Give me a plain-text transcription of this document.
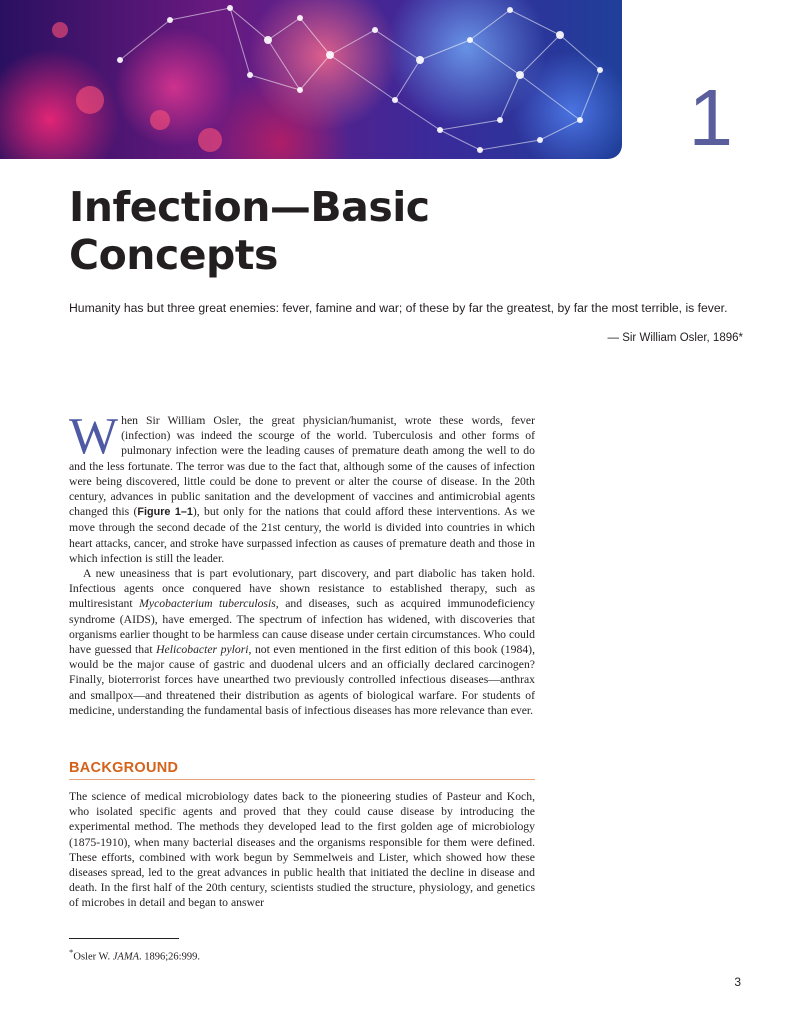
1
Infection—Basic
Concepts

Humanity has but three great enemies: fever, famine and war; of these by far the greatest, by far the most terrible, is fever.

— Sir William Osler, 1896*

When Sir William Osler, the great physician/humanist, wrote these words, fever (infection) was indeed the scourge of the world. Tuberculosis and other forms of pulmonary infection were the leading causes of premature death among the well to do and the less fortunate. The terror was due to the fact that, although some of the causes of infection were being discovered, little could be done to prevent or alter the course of disease. In the 20th century, advances in public sanitation and the development of vaccines and antimicrobial agents changed this (Figure 1–1), but only for the nations that could afford these interventions. As we move through the second decade of the 21st century, the world is divided into countries in which heart attacks, cancer, and stroke have surpassed infection as causes of premature death and those in which infection is still the leader.

A new uneasiness that is part evolutionary, part discovery, and part diabolic has taken hold. Infectious agents once conquered have shown resistance to established therapy, such as multiresistant Mycobacterium tuberculosis, and diseases, such as acquired immunodeficiency syndrome (AIDS), have emerged. The spectrum of infection has widened, with discoveries that organisms earlier thought to be harmless can cause disease under certain circumstances. Who could have guessed that Helicobacter pylori, not even mentioned in the first edition of this book (1984), would be the major cause of gastric and duodenal ulcers and an officially declared carcinogen? Finally, bioterrorist forces have unearthed two previously controlled infectious diseases—anthrax and smallpox—and threatened their distribution as agents of biological warfare. For students of medicine, understanding the fundamental basis of infectious diseases has more relevance than ever.

BACKGROUND

The science of medical microbiology dates back to the pioneering studies of Pasteur and Koch, who isolated specific agents and proved that they could cause disease by introducing the experimental method. The methods they developed lead to the first golden age of microbiology (1875-1910), when many bacterial diseases and the organisms responsible for them were defined. These efforts, combined with work begun by Semmelweis and Lister, which showed how these diseases spread, led to the great advances in public health that initiated the decline in disease and death. In the first half of the 20th century, scientists studied the structure, physiology, and genetics of microbes in detail and began to answer

*Osler W. JAMA. 1896;26:999.
3
